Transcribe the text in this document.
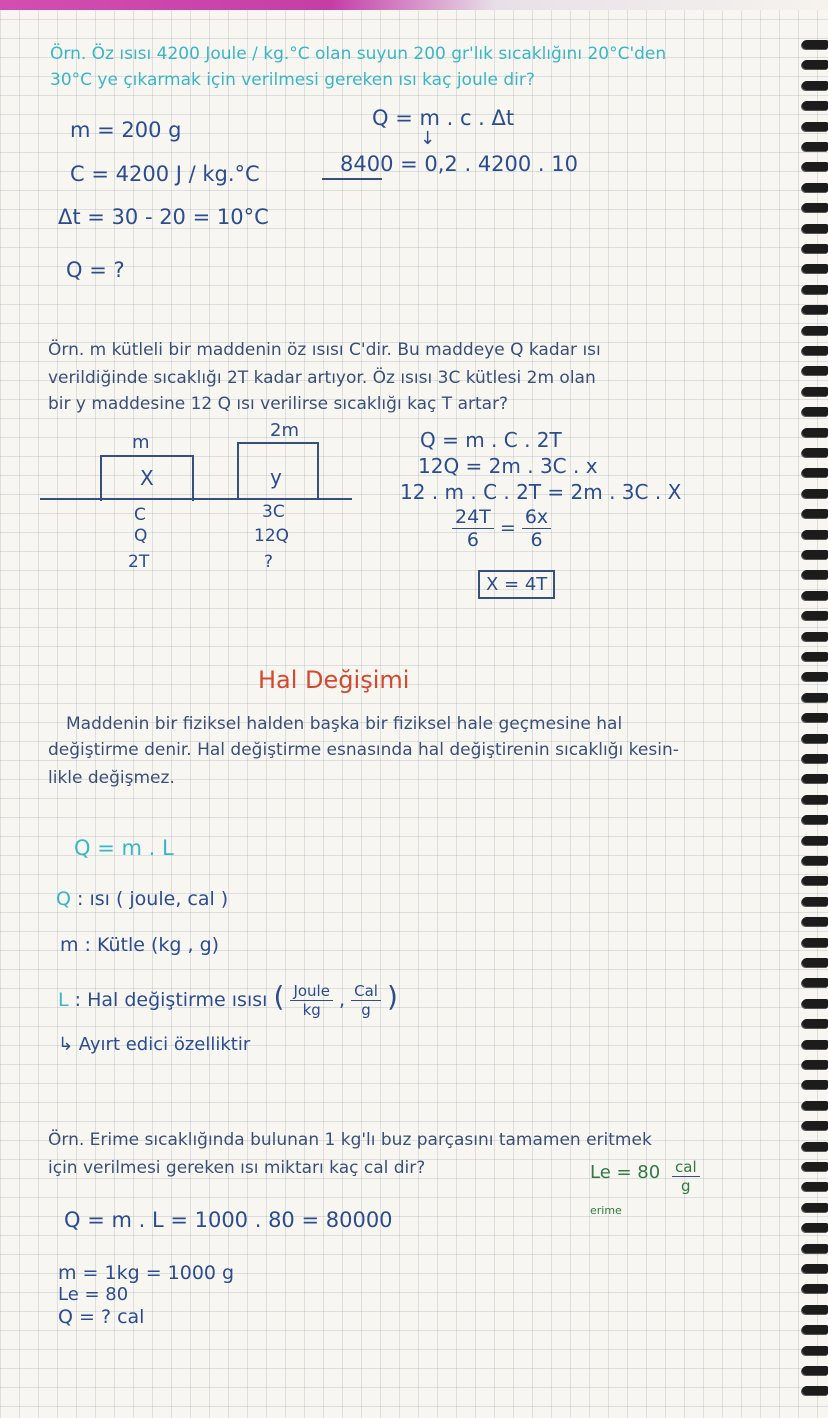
Örn. Öz ısısı 4200 Joule / kg.°C olan suyun 200 gr'lık sıcaklığını 20°C'den
30°C ye çıkarmak için verilmesi gereken ısı kaç joule dir?
m = 200 g
C = 4200 J / kg.°C
Δt = 30 - 20 = 10°C
Q = ?
Q = m . c . Δt
↓
8400 = 0,2 . 4200 . 10
Örn. m kütleli bir maddenin öz ısısı C'dir. Bu maddeye Q kadar ısı
verildiğinde sıcaklığı 2T kadar artıyor. Öz ısısı 3C kütlesi 2m olan
bir y maddesine 12 Q ısı verilirse sıcaklığı kaç T artar?
m
X
2m
y
C
Q
2T
3C
12Q
?
Q = m . C . 2T
12Q = 2m . 3C . x
12 . m . C . 2T = 2m . 3C . X
$\frac{24T}{6} = \frac{6x}{6}$
X = 4T
Hal Değişimi
Maddenin bir fiziksel halden başka bir fiziksel hale geçmesine hal
değiştirme denir. Hal değiştirme esnasında hal değiştirenin sıcaklığı kesin-
likle değişmez.
Q = m . L
Q : ısı ( joule, cal )
m : Kütle (kg , g)
L : Hal değiştirme ısısı ( $\frac{\text{Joule}}{kg}$ , $\frac{\text{Cal}}{g}$ )
↳ Ayırt edici özelliktir
Örn. Erime sıcaklığında bulunan 1 kg'lı buz parçasını tamamen eritmek
için verilmesi gereken ısı miktarı kaç cal dir?	$Le = 80 \frac{\text{cal}}{g}$
erime
Q = m . L = 1000 . 80 = 80000
m = 1kg = 1000 g
Le = 80
Q = ? cal
